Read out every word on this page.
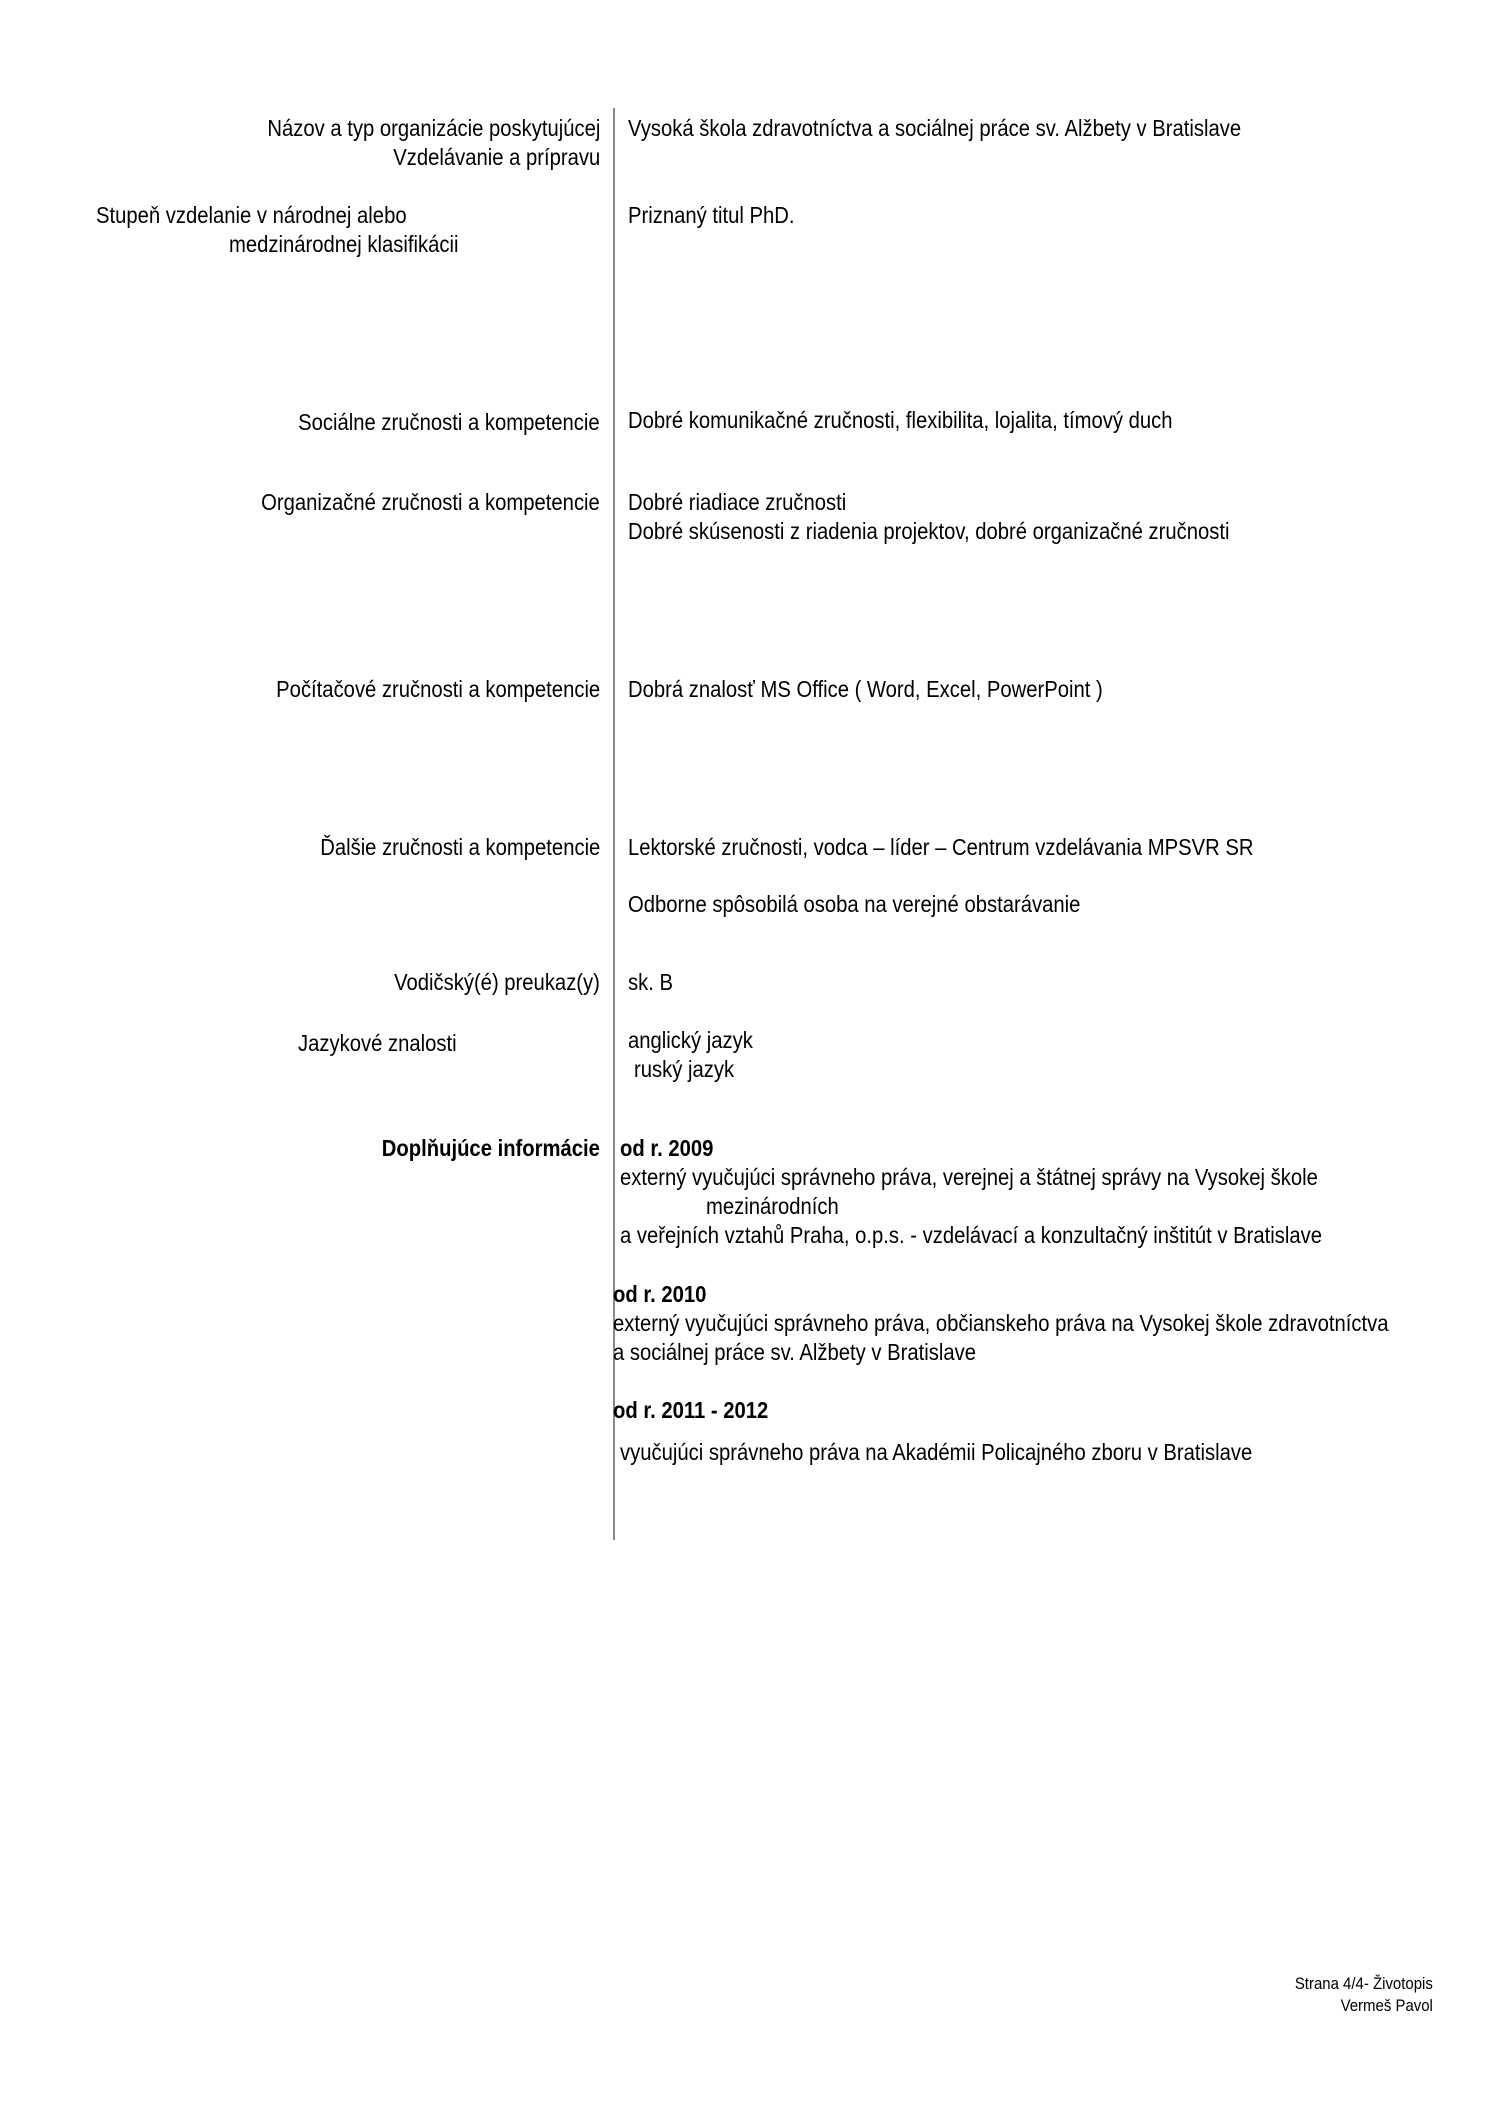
Názov a typ organizácie poskytujúcej
Vzdelávanie a prípravu
Vysoká škola zdravotníctva a sociálnej práce sv. Alžbety v Bratislave
Stupeň vzdelanie v národnej alebo
medzinárodnej klasifikácii
Priznaný titul PhD.
Sociálne zručnosti a kompetencie Dobré komunikačné zručnosti, flexibilita, lojalita, tímový duch
Organizačné zručnosti a kompetencie Dobré riadiace zručnosti
Dobré skúsenosti z riadenia projektov, dobré organizačné zručnosti
Počítačové zručnosti a kompetencie Dobrá znalosť MS Office ( Word, Excel, PowerPoint )
Ďalšie zručnosti a kompetencie Lektorské zručnosti, vodca – líder – Centrum vzdelávania MPSVR SR
Odborne spôsobilá osoba na verejné obstarávanie
Vodičský(é) preukaz(y) sk. B
Jazykové znalosti	anglický jazyk
ruský jazyk
Doplňujúce informácie od r. 2009
externý vyučujúci správneho práva, verejnej a štátnej správy na Vysokej škole
mezinárodních
a veřejních vztahů Praha, o.p.s. - vzdelávací a konzultačný inštitút v Bratislave
od r. 2010
externý vyučujúci správneho práva, občianskeho práva na Vysokej škole zdravotníctva
a sociálnej práce sv. Alžbety v Bratislave
od r. 2011 - 2012
vyučujúci správneho práva na Akadémii Policajného zboru v Bratislave
Strana 4/4- Životopis
Vermeš Pavol
